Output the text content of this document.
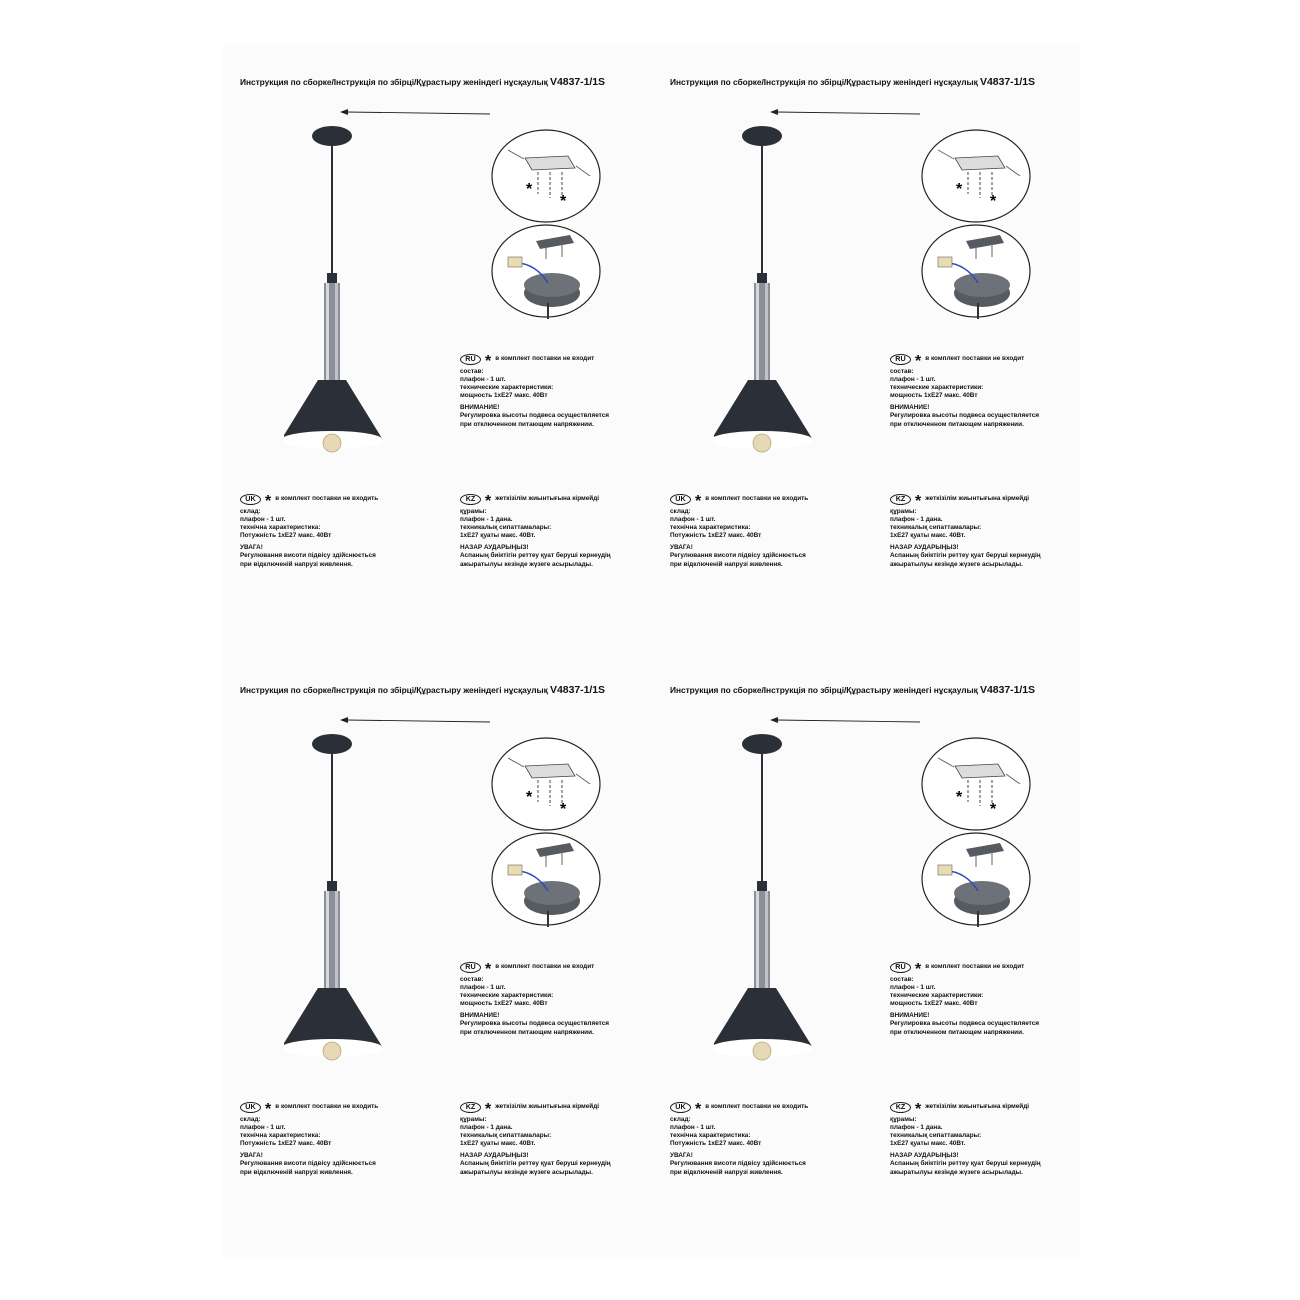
Инструкция по сборке/Інструкція по збірці/Құрастыру женіндегі нұсқаулық V4837-1/1S
*
*
RU * в комплект поставки не входит
состав:
плафон - 1 шт.
технические характеристики:
мощность 1хЕ27 макс. 40Вт
ВНИМАНИЕ!
Регулировка высоты подвеса осуществляется
при отключенном питающем напряжении.
UK * в комплект поставки не входить
склад:
плафон - 1 шт.
технічна характеристика:
Потужність 1хЕ27 макс. 40Вт
УВАГА!
Регулювання висоти підвісу здійснюється
при відключеній напрузі живлення.
KZ * жеткізілім жиынтығына кірмейді
құрамы:
плафон - 1 дана.
техникалық сипаттамалары:
1хЕ27 қуаты макс. 40Вт.
НАЗАР АУДАРЫҢЫЗ!
Аспаның биіктігін реттеу қуат беруші кернеудің
ажыратылуы кезінде жүзеге асырылады.
Инструкция по сборке/Інструкція по збірці/Құрастыру женіндегі нұсқаулық V4837-1/1S
*
*
RU * в комплект поставки не входит
состав:
плафон - 1 шт.
технические характеристики:
мощность 1хЕ27 макс. 40Вт
ВНИМАНИЕ!
Регулировка высоты подвеса осуществляется
при отключенном питающем напряжении.
UK * в комплект поставки не входить
склад:
плафон - 1 шт.
технічна характеристика:
Потужність 1хЕ27 макс. 40Вт
УВАГА!
Регулювання висоти підвісу здійснюється
при відключеній напрузі живлення.
KZ * жеткізілім жиынтығына кірмейді
құрамы:
плафон - 1 дана.
техникалық сипаттамалары:
1хЕ27 қуаты макс. 40Вт.
НАЗАР АУДАРЫҢЫЗ!
Аспаның биіктігін реттеу қуат беруші кернеудің
ажыратылуы кезінде жүзеге асырылады.
Инструкция по сборке/Інструкція по збірці/Құрастыру женіндегі нұсқаулық V4837-1/1S
*
*
RU * в комплект поставки не входит
состав:
плафон - 1 шт.
технические характеристики:
мощность 1хЕ27 макс. 40Вт
ВНИМАНИЕ!
Регулировка высоты подвеса осуществляется
при отключенном питающем напряжении.
UK * в комплект поставки не входить
склад:
плафон - 1 шт.
технічна характеристика:
Потужність 1хЕ27 макс. 40Вт
УВАГА!
Регулювання висоти підвісу здійснюється
при відключеній напрузі живлення.
KZ * жеткізілім жиынтығына кірмейді
құрамы:
плафон - 1 дана.
техникалық сипаттамалары:
1хЕ27 қуаты макс. 40Вт.
НАЗАР АУДАРЫҢЫЗ!
Аспаның биіктігін реттеу қуат беруші кернеудің
ажыратылуы кезінде жүзеге асырылады.
Инструкция по сборке/Інструкція по збірці/Құрастыру женіндегі нұсқаулық V4837-1/1S
*
*
RU * в комплект поставки не входит
состав:
плафон - 1 шт.
технические характеристики:
мощность 1хЕ27 макс. 40Вт
ВНИМАНИЕ!
Регулировка высоты подвеса осуществляется
при отключенном питающем напряжении.
UK * в комплект поставки не входить
склад:
плафон - 1 шт.
технічна характеристика:
Потужність 1хЕ27 макс. 40Вт
УВАГА!
Регулювання висоти підвісу здійснюється
при відключеній напрузі живлення.
KZ * жеткізілім жиынтығына кірмейді
құрамы:
плафон - 1 дана.
техникалық сипаттамалары:
1хЕ27 қуаты макс. 40Вт.
НАЗАР АУДАРЫҢЫЗ!
Аспаның биіктігін реттеу қуат беруші кернеудің
ажыратылуы кезінде жүзеге асырылады.
